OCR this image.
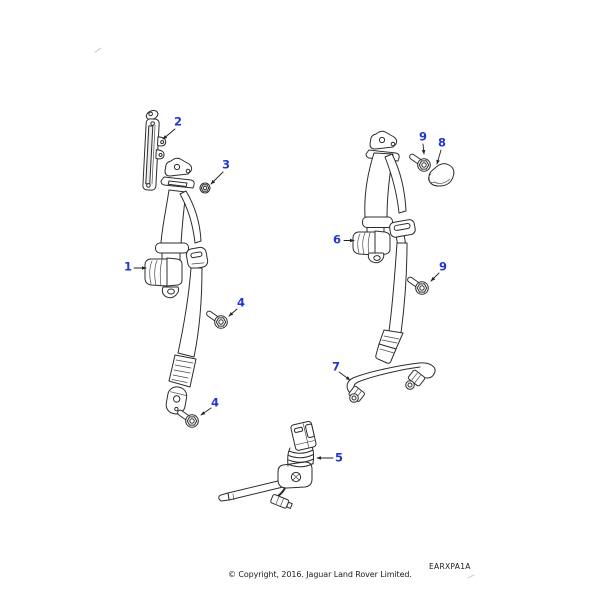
1
2
3
4
4
5
6
7
8
9
9
EARXPA1A
© Copyright, 2016. Jaguar Land Rover Limited.
